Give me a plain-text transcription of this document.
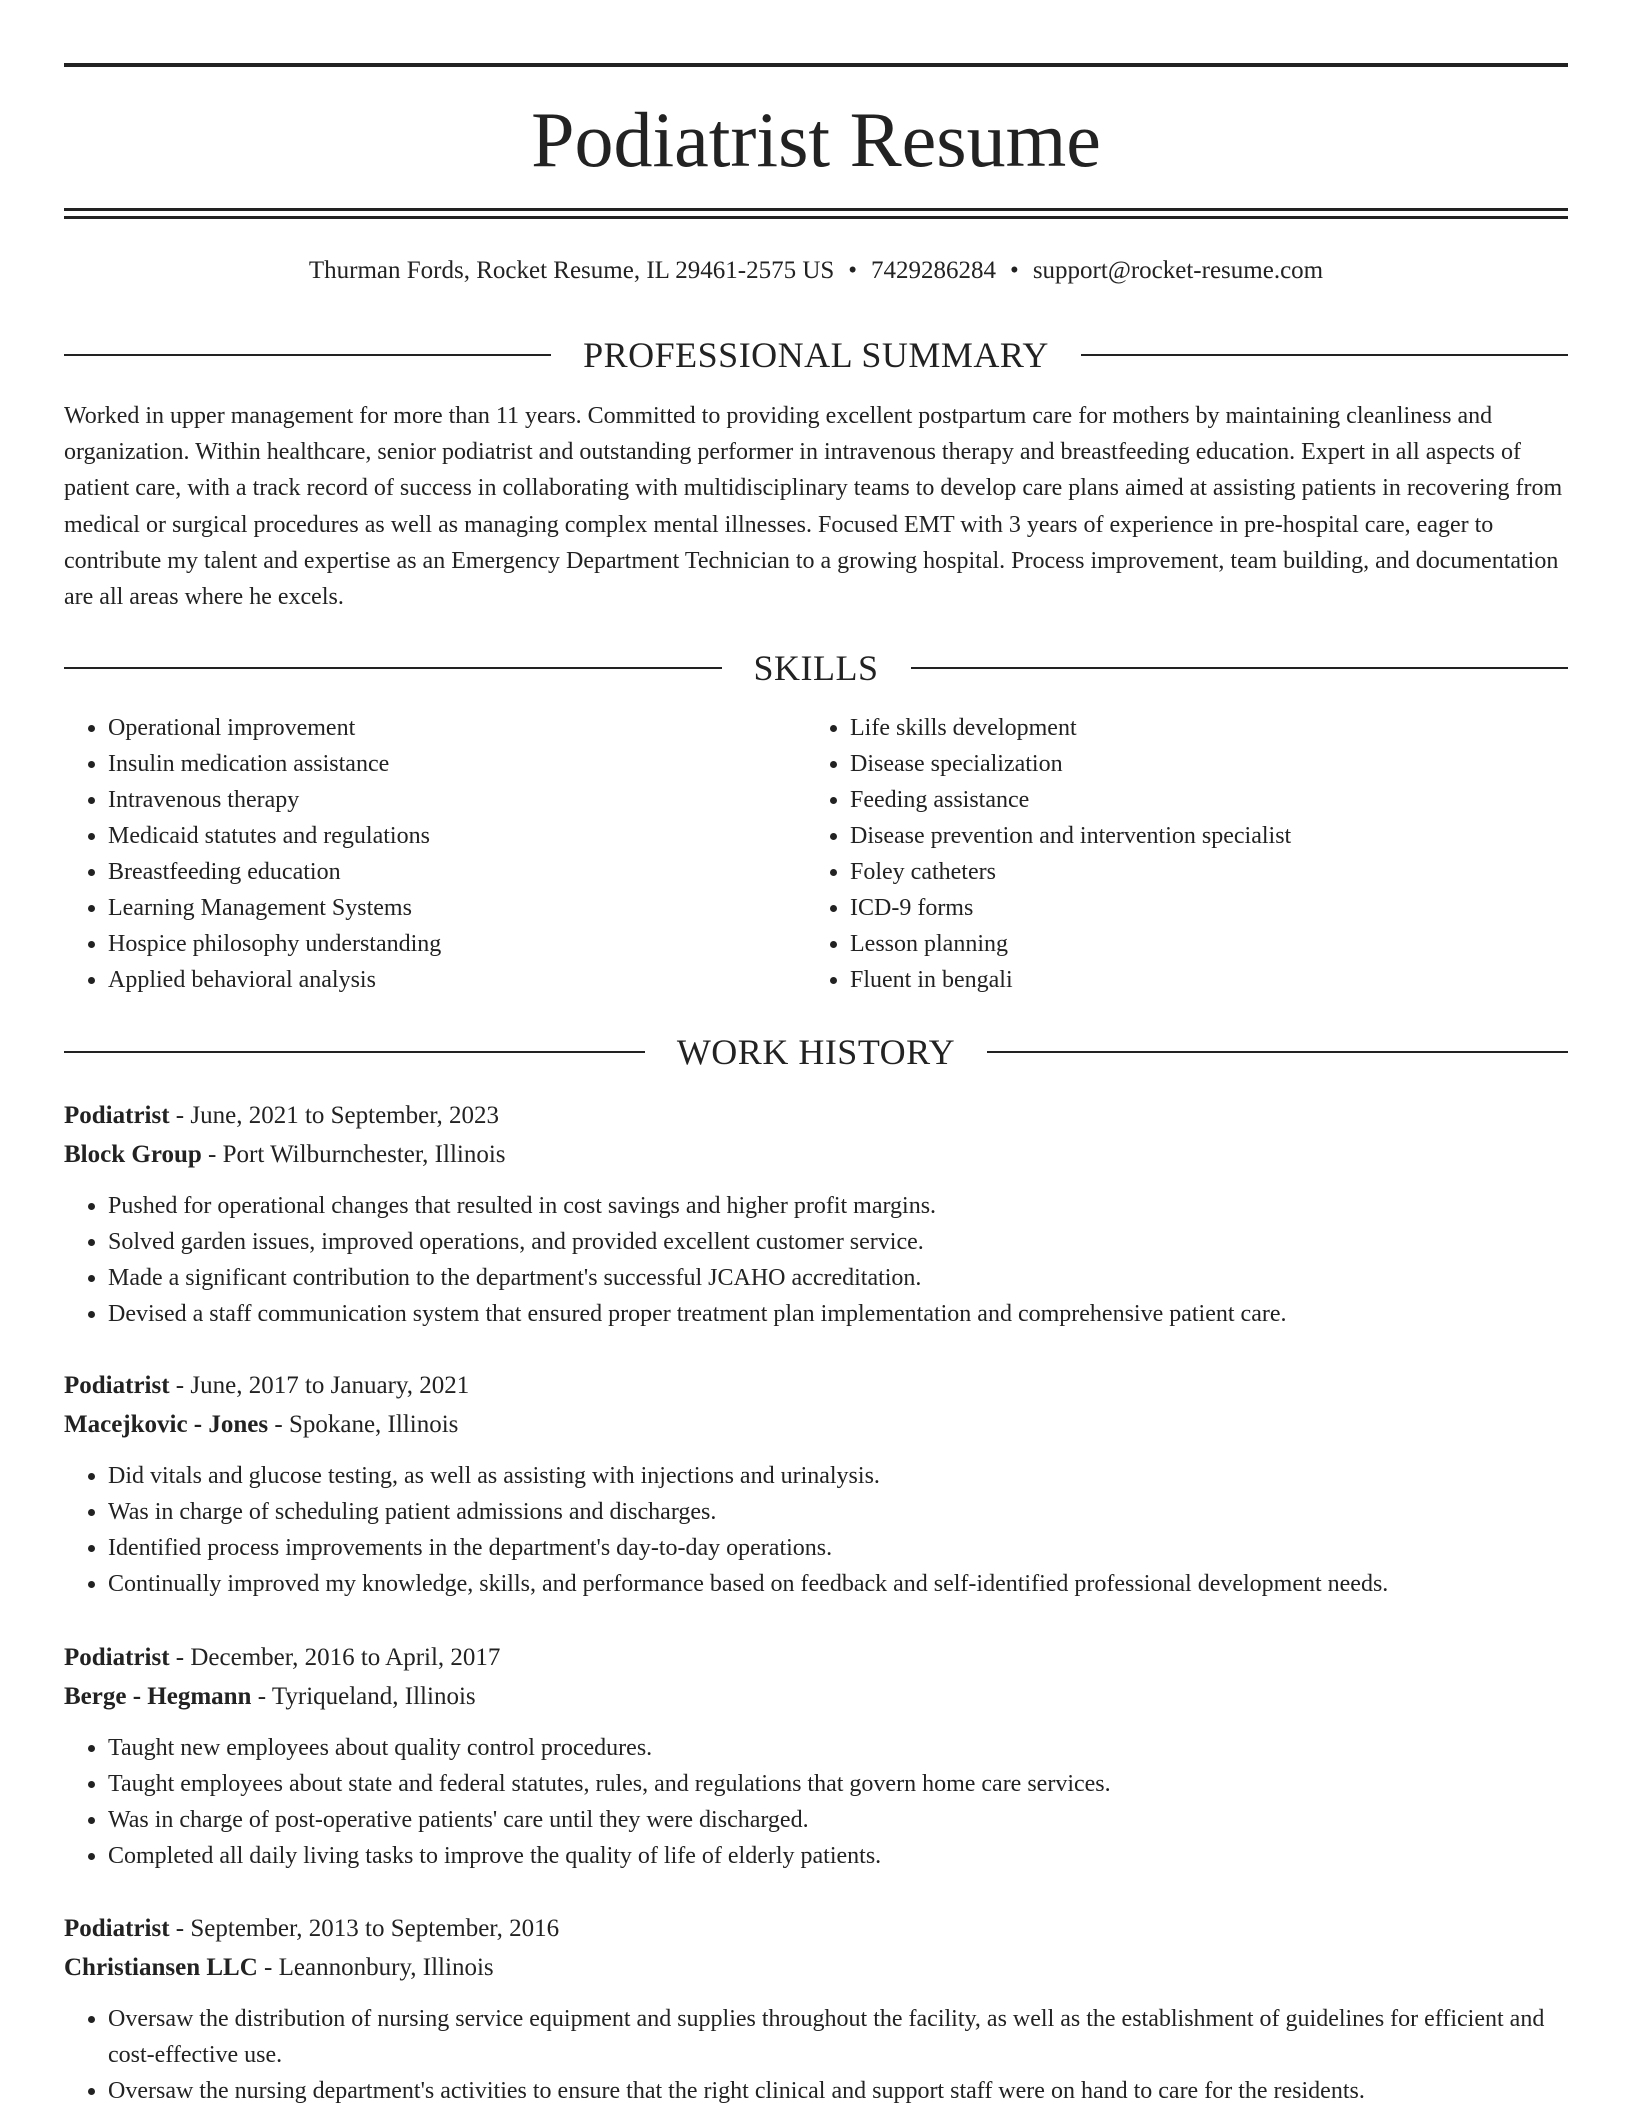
Podiatrist Resume
Thurman Fords, Rocket Resume, IL 29461-2575 US • 7429286284 • support@rocket-resume.com
PROFESSIONAL SUMMARY

Worked in upper management for more than 11 years. Committed to providing excellent postpartum care for mothers by maintaining cleanliness and organization. Within healthcare, senior podiatrist and outstanding performer in intravenous therapy and breastfeeding education. Expert in all aspects of patient care, with a track record of success in collaborating with multidisciplinary teams to develop care plans aimed at assisting patients in recovering from medical or surgical procedures as well as managing complex mental illnesses. Focused EMT with 3 years of experience in pre-hospital care, eager to contribute my talent and expertise as an Emergency Department Technician to a growing hospital. Process improvement, team building, and documentation are all areas where he excels.

SKILLS
• Operational improvement
• Insulin medication assistance
• Intravenous therapy
• Medicaid statutes and regulations
• Breastfeeding education
• Learning Management Systems
• Hospice philosophy understanding
• Applied behavioral analysis
• Life skills development
• Disease specialization
• Feeding assistance
• Disease prevention and intervention specialist
• Foley catheters
• ICD-9 forms
• Lesson planning
• Fluent in bengali
WORK HISTORY
Podiatrist - June, 2021 to September, 2023
Block Group - Port Wilburnchester, Illinois
• Pushed for operational changes that resulted in cost savings and higher profit margins.
• Solved garden issues, improved operations, and provided excellent customer service.
• Made a significant contribution to the department's successful JCAHO accreditation.
• Devised a staff communication system that ensured proper treatment plan implementation and comprehensive patient care.
Podiatrist - June, 2017 to January, 2021
Macejkovic - Jones - Spokane, Illinois
• Did vitals and glucose testing, as well as assisting with injections and urinalysis.
• Was in charge of scheduling patient admissions and discharges.
• Identified process improvements in the department's day-to-day operations.
• Continually improved my knowledge, skills, and performance based on feedback and self-identified professional development needs.
Podiatrist - December, 2016 to April, 2017
Berge - Hegmann - Tyriqueland, Illinois
• Taught new employees about quality control procedures.
• Taught employees about state and federal statutes, rules, and regulations that govern home care services.
• Was in charge of post-operative patients' care until they were discharged.
• Completed all daily living tasks to improve the quality of life of elderly patients.
Podiatrist - September, 2013 to September, 2016
Christiansen LLC - Leannonbury, Illinois
• Oversaw the distribution of nursing service equipment and supplies throughout the facility, as well as the establishment of guidelines for efficient and cost-effective use.
• Oversaw the nursing department's activities to ensure that the right clinical and support staff were on hand to care for the residents.
